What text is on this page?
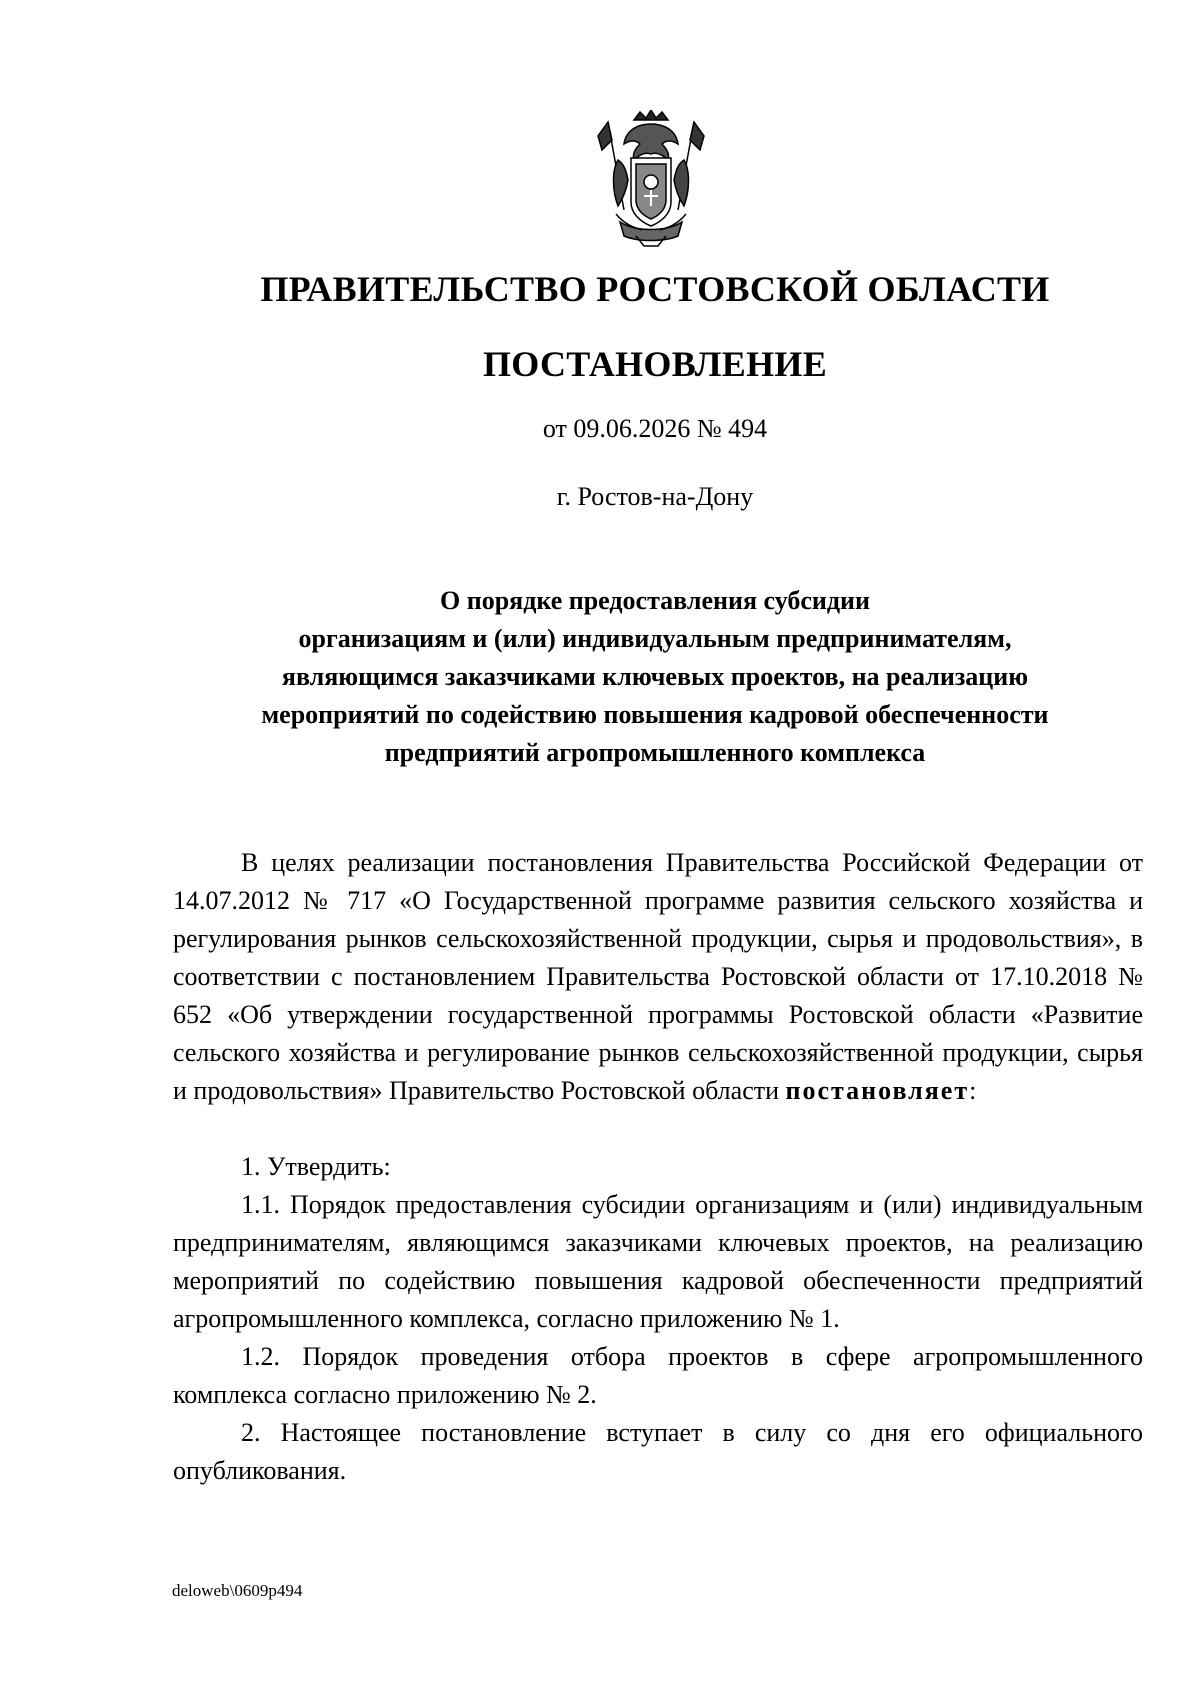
ПРАВИТЕЛЬСТВО РОСТОВСКОЙ ОБЛАСТИ
ПОСТАНОВЛЕНИЕ
от 09.06.2026 № 494
г. Ростов-на-Дону
О порядке предоставления субсидии
организациям и (или) индивидуальным предпринимателям,
являющимся заказчиками ключевых проектов, на реализацию
мероприятий по содействию повышения кадровой обеспеченности
предприятий агропромышленного комплекса

В целях реализации постановления Правительства Российской Федерации от 14.07.2012 № 717 «О Государственной программе развития сельского хозяйства и регулирования рынков сельскохозяйственной продукции, сырья и продовольствия», в соответствии с постановлением Правительства Ростовской области от 17.10.2018 № 652 «Об утверждении государственной программы Ростовской области «Развитие сельского хозяйства и регулирование рынков сельскохозяйственной продукции, сырья и продовольствия» Правительство Ростовской области постановляет:

1. Утвердить:

1.1. Порядок предоставления субсидии организациям и (или) индивидуальным предпринимателям, являющимся заказчиками ключевых проектов, на реализацию мероприятий по содействию повышения кадровой обеспеченности предприятий агропромышленного комплекса, согласно приложению № 1.

1.2. Порядок проведения отбора проектов в сфере агропромышленного комплекса согласно приложению № 2.

2. Настоящее постановление вступает в силу со дня его официального опубликования.

deloweb\0609p494
